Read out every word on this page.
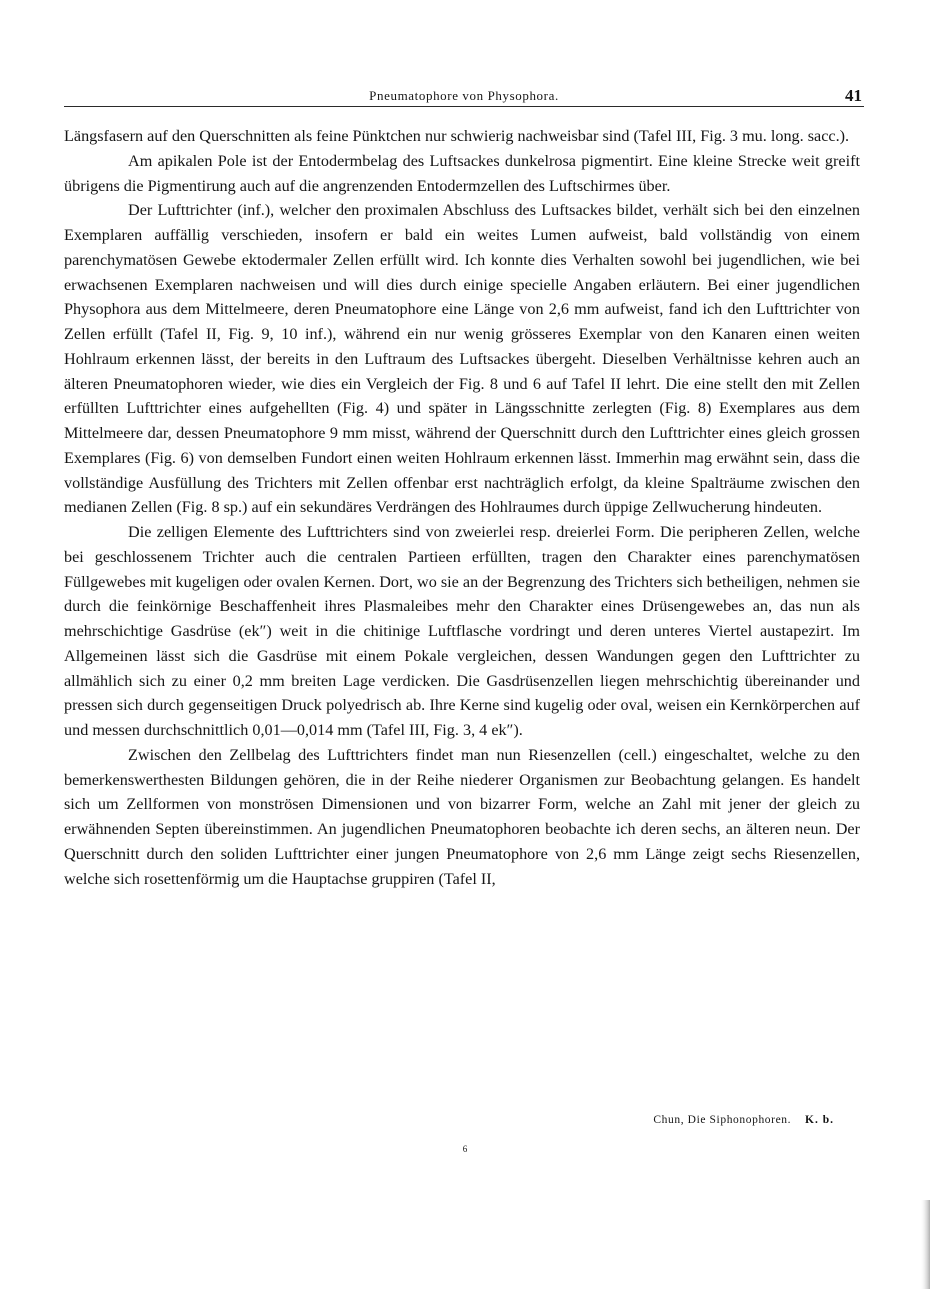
Pneumatophore von Physophora.	41

Längsfasern auf den Querschnitten als feine Pünktchen nur schwierig nachweisbar sind (Tafel III, Fig. 3 mu. long. sacc.).

Am apikalen Pole ist der Entodermbelag des Luftsackes dunkelrosa pigmentirt. Eine kleine Strecke weit greift übrigens die Pigmentirung auch auf die angrenzenden Entodermzellen des Luftschirmes über.

Der Lufttrichter (inf.), welcher den proximalen Abschluss des Luftsackes bildet, verhält sich bei den einzelnen Exemplaren auffällig verschieden, insofern er bald ein weites Lumen aufweist, bald vollständig von einem parenchymatösen Gewebe ektodermaler Zellen erfüllt wird. Ich konnte dies Verhalten sowohl bei jugendlichen, wie bei erwachsenen Exemplaren nachweisen und will dies durch einige specielle Angaben erläutern. Bei einer jugendlichen Physophora aus dem Mittelmeere, deren Pneumatophore eine Länge von 2,6 mm aufweist, fand ich den Lufttrichter von Zellen erfüllt (Tafel II, Fig. 9, 10 inf.), während ein nur wenig grösseres Exemplar von den Kanaren einen weiten Hohlraum erkennen lässt, der bereits in den Luftraum des Luftsackes übergeht. Dieselben Verhältnisse kehren auch an älteren Pneumatophoren wieder, wie dies ein Vergleich der Fig. 8 und 6 auf Tafel II lehrt. Die eine stellt den mit Zellen erfüllten Lufttrichter eines aufgehellten (Fig. 4) und später in Längsschnitte zerlegten (Fig. 8) Exemplares aus dem Mittelmeere dar, dessen Pneumatophore 9 mm misst, während der Querschnitt durch den Lufttrichter eines gleich grossen Exemplares (Fig. 6) von demselben Fundort einen weiten Hohlraum erkennen lässt. Immerhin mag erwähnt sein, dass die vollständige Ausfüllung des Trichters mit Zellen offenbar erst nachträglich erfolgt, da kleine Spalträume zwischen den medianen Zellen (Fig. 8 sp.) auf ein sekundäres Verdrängen des Hohlraumes durch üppige Zellwucherung hindeuten.

Die zelligen Elemente des Lufttrichters sind von zweierlei resp. dreierlei Form. Die peripheren Zellen, welche bei geschlossenem Trichter auch die centralen Partieen erfüllten, tragen den Charakter eines parenchymatösen Füllgewebes mit kugeligen oder ovalen Kernen. Dort, wo sie an der Begrenzung des Trichters sich betheiligen, nehmen sie durch die feinkörnige Beschaffenheit ihres Plasmaleibes mehr den Charakter eines Drüsengewebes an, das nun als mehrschichtige Gasdrüse (ek″) weit in die chitinige Luftflasche vordringt und deren unteres Viertel austapezirt. Im Allgemeinen lässt sich die Gasdrüse mit einem Pokale vergleichen, dessen Wandungen gegen den Lufttrichter zu allmählich sich zu einer 0,2 mm breiten Lage verdicken. Die Gasdrüsenzellen liegen mehrschichtig übereinander und pressen sich durch gegenseitigen Druck polyedrisch ab. Ihre Kerne sind kugelig oder oval, weisen ein Kernkörperchen auf und messen durchschnittlich 0,01—0,014 mm (Tafel III, Fig. 3, 4 ek″).

Zwischen den Zellbelag des Lufttrichters findet man nun Riesenzellen (cell.) eingeschaltet, welche zu den bemerkenswerthesten Bildungen gehören, die in der Reihe niederer Organismen zur Beobachtung gelangen. Es handelt sich um Zellformen von monströsen Dimensionen und von bizarrer Form, welche an Zahl mit jener der gleich zu erwähnenden Septen übereinstimmen. An jugendlichen Pneumatophoren beobachte ich deren sechs, an älteren neun. Der Querschnitt durch den soliden Lufttrichter einer jungen Pneumatophore von 2,6 mm Länge zeigt sechs Riesenzellen, welche sich rosettenförmig um die Hauptachse gruppiren (Tafel II,

Chun, Die Siphonophoren. K. b.
6
